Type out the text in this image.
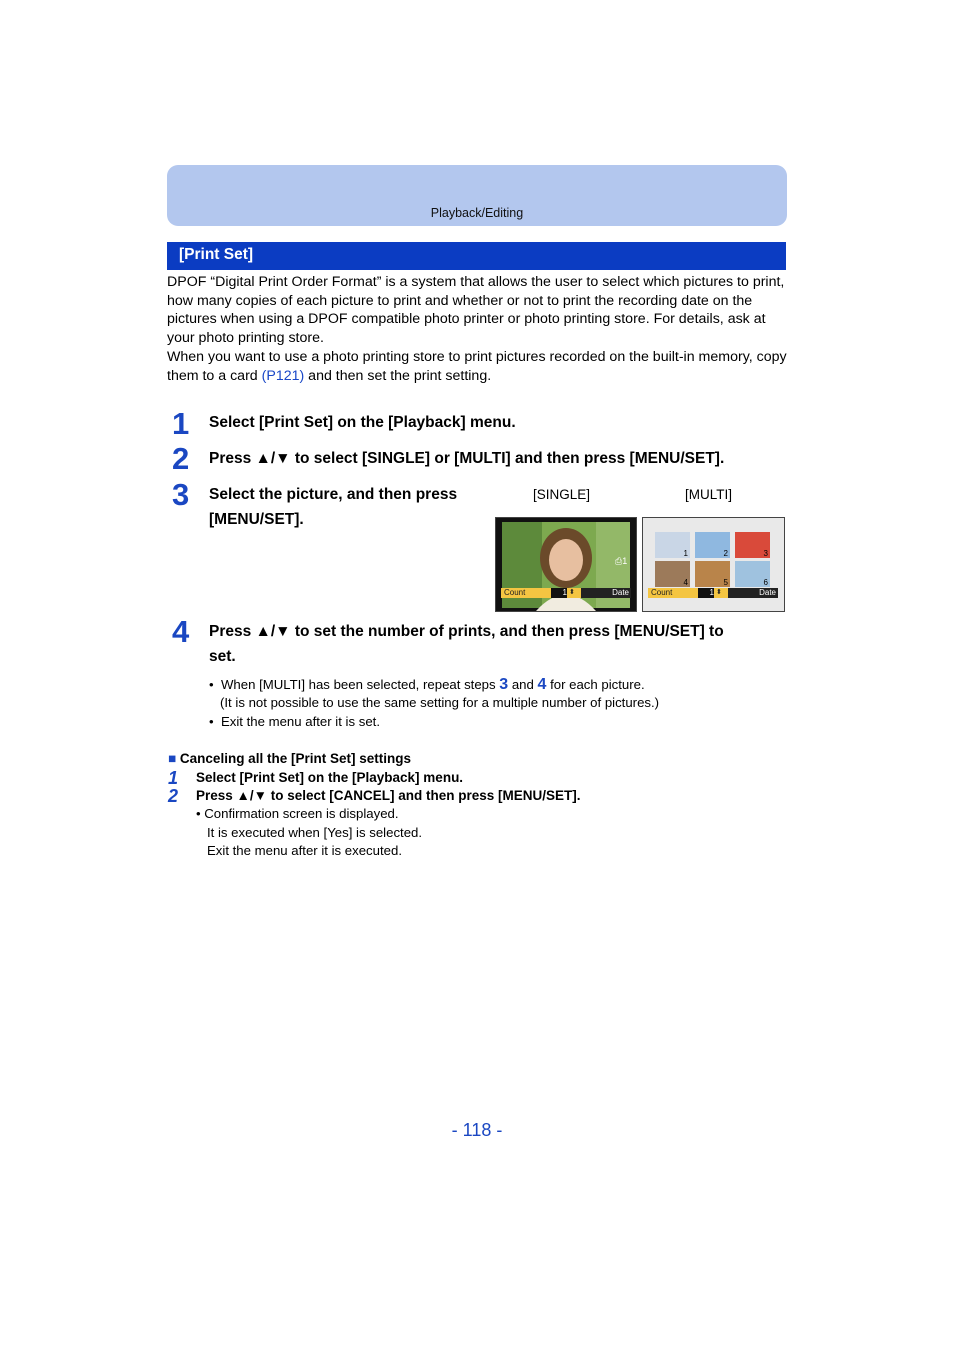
Playback/Editing
[Print Set]
DPOF “Digital Print Order Format” is a system that allows the user to select which pictures to print, how many copies of each picture to print and whether or not to print the recording date on the pictures when using a DPOF compatible photo printer or photo printing store. For details, ask at your photo printing store.
When you want to use a photo printing store to print pictures recorded on the built-in memory, copy them to a card (P121) and then set the print setting.
1 Select [Print Set] on the [Playback] menu.
2 Press ▲/▼ to select [SINGLE] or [MULTI] and then press [MENU/SET].
3 Select the picture, and then press
[MENU/SET].
[SINGLE]	[MULTI]
⎙1
Count	1 ⬍	Date
1	2	3
4	5	6
Count	1 ⬍	Date
4 Press ▲/▼ to set the number of prints, and then press [MENU/SET] to
set.
•  When [MULTI] has been selected, repeat steps 3 and 4 for each picture.
(It is not possible to use the same setting for a multiple number of pictures.)
•  Exit the menu after it is set.
■ Canceling all the [Print Set] settings
1 Select [Print Set] on the [Playback] menu.
2 Press ▲/▼ to select [CANCEL] and then press [MENU/SET].
• Confirmation screen is displayed.
It is executed when [Yes] is selected.
Exit the menu after it is executed.
- 118 -
